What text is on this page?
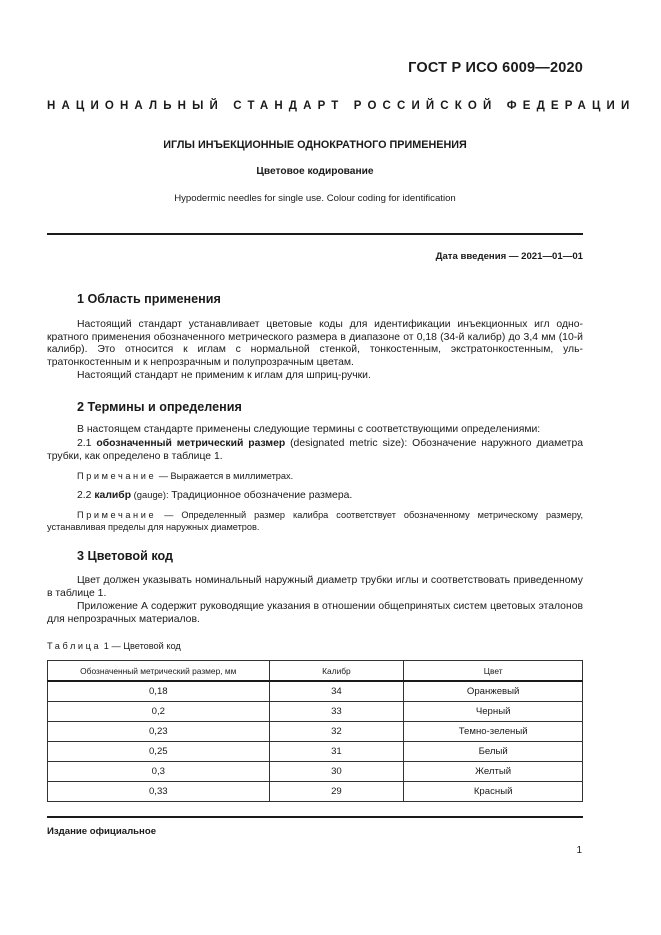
ГОСТ Р ИСО 6009—2020
НАЦИОНАЛЬНЫЙ СТАНДАРТ РОССИЙСКОЙ ФЕДЕРАЦИИ
ИГЛЫ ИНЪЕКЦИОННЫЕ ОДНОКРАТНОГО ПРИМЕНЕНИЯ
Цветовое кодирование
Hypodermic needles for single use. Colour coding for identification
Дата введения — 2021—01—01
1 Область применения
Настоящий стандарт устанавливает цветовые коды для идентификации инъекционных игл однократного применения обозначенного метрического размера в диапазоне от 0,18 (34-й калибр) до 3,4 мм (10-й калибр). Это относится к иглам с нормальной стенкой, тонкостенным, экстратонкостенным, ультратонкостенным и к непрозрачным и полупрозрачным цветам.
Настоящий стандарт не применим к иглам для шприц-ручки.
2 Термины и определения
В настоящем стандарте применены следующие термины с соответствующими определениями:
2.1 обозначенный метрический размер (designated metric size): Обозначение наружного диаметра трубки, как определено в таблице 1.
Примечание — Выражается в миллиметрах.
2.2 калибр (gauge): Традиционное обозначение размера.
Примечание — Определенный размер калибра соответствует обозначенному метрическому размеру, устанавливая пределы для наружных диаметров.
3 Цветовой код
Цвет должен указывать номинальный наружный диаметр трубки иглы и соответствовать приведенному в таблице 1.
Приложение А содержит руководящие указания в отношении общепринятых систем цветовых эталонов для непрозрачных материалов.
Таблица 1 — Цветовой код
Обозначенный метрический размер, мм	Калибр	Цвет
0,18	34	Оранжевый
0,2	33	Черный
0,23	32	Темно-зеленый
0,25	31	Белый
0,3	30	Желтый
0,33	29	Красный
Издание официальное
1
